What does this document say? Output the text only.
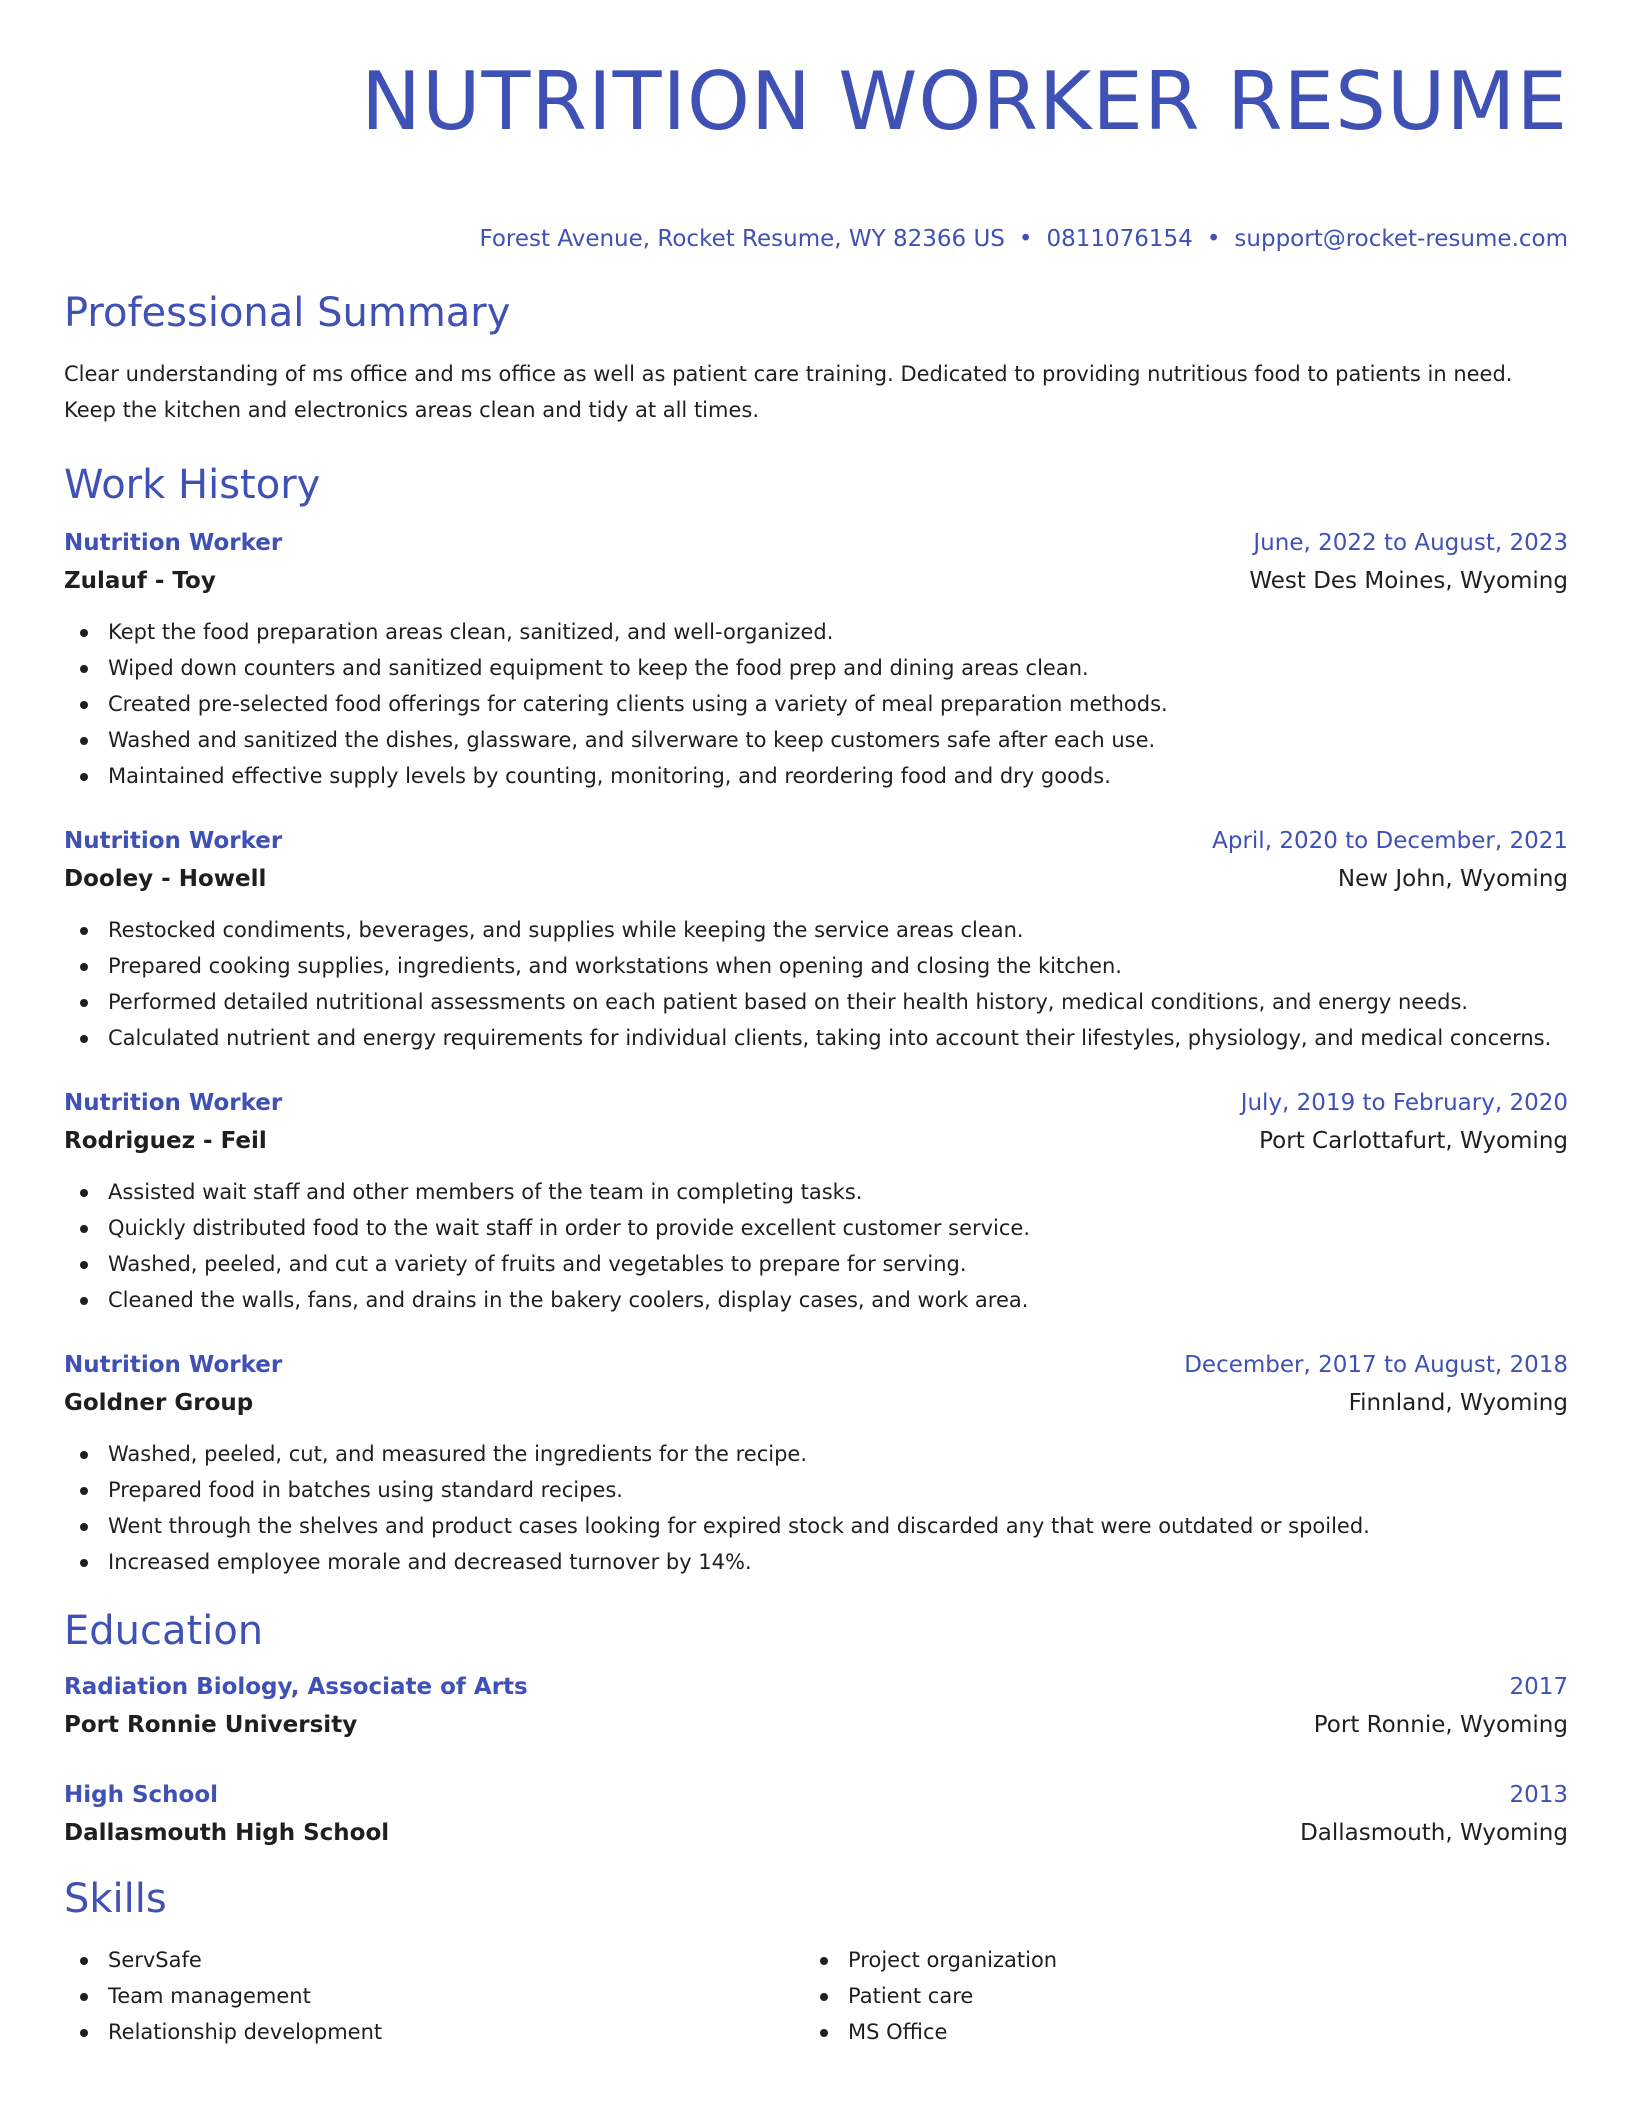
NUTRITION WORKER RESUME
Forest Avenue, Rocket Resume, WY 82366 US • 0811076154 • support@rocket-resume.com
Professional Summary

Clear understanding of ms office and ms office as well as patient care training. Dedicated to providing nutritious food to patients in need. Keep the kitchen and electronics areas clean and tidy at all times.

Work History
Nutrition Worker	June, 2022 to August, 2023
Zulauf - Toy	West Des Moines, Wyoming
Kept the food preparation areas clean, sanitized, and well-organized.
Wiped down counters and sanitized equipment to keep the food prep and dining areas clean.
Created pre-selected food offerings for catering clients using a variety of meal preparation methods.
Washed and sanitized the dishes, glassware, and silverware to keep customers safe after each use.
Maintained effective supply levels by counting, monitoring, and reordering food and dry goods.
Nutrition Worker	April, 2020 to December, 2021
Dooley - Howell	New John, Wyoming
Restocked condiments, beverages, and supplies while keeping the service areas clean.
Prepared cooking supplies, ingredients, and workstations when opening and closing the kitchen.
Performed detailed nutritional assessments on each patient based on their health history, medical conditions, and energy needs.
Calculated nutrient and energy requirements for individual clients, taking into account their lifestyles, physiology, and medical concerns.
Nutrition Worker	July, 2019 to February, 2020
Rodriguez - Feil	Port Carlottafurt, Wyoming
Assisted wait staff and other members of the team in completing tasks.
Quickly distributed food to the wait staff in order to provide excellent customer service.
Washed, peeled, and cut a variety of fruits and vegetables to prepare for serving.
Cleaned the walls, fans, and drains in the bakery coolers, display cases, and work area.
Nutrition Worker	December, 2017 to August, 2018
Goldner Group	Finnland, Wyoming
Washed, peeled, cut, and measured the ingredients for the recipe.
Prepared food in batches using standard recipes.
Went through the shelves and product cases looking for expired stock and discarded any that were outdated or spoiled.
Increased employee morale and decreased turnover by 14%.
Education
Radiation Biology, Associate of Arts	2017
Port Ronnie University	Port Ronnie, Wyoming
High School	2013
Dallasmouth High School	Dallasmouth, Wyoming
Skills
ServSafe
Team management
Relationship development
Project organization
Patient care
MS Office
